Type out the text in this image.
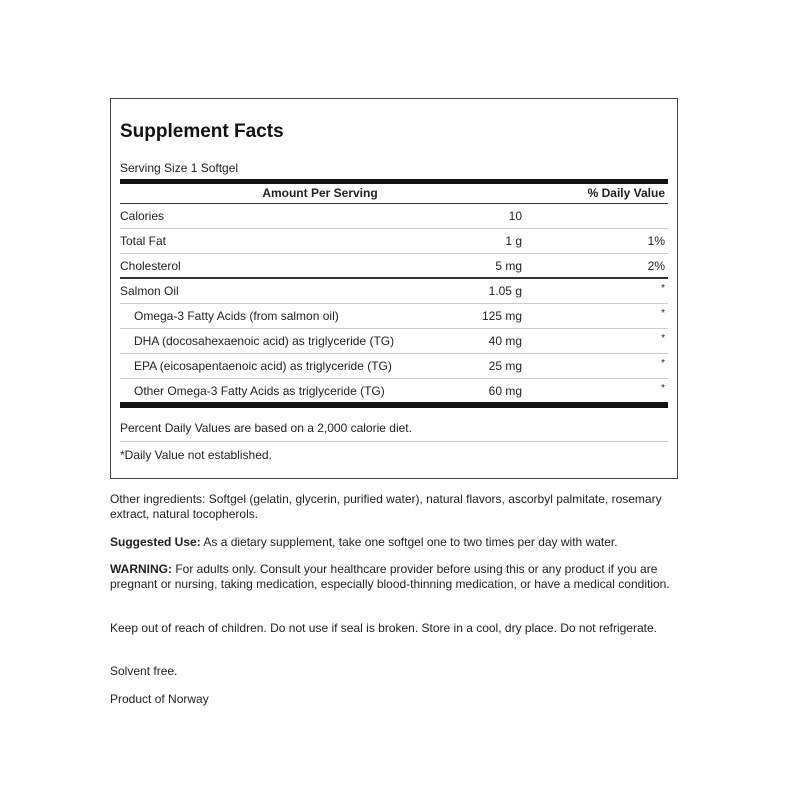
Supplement Facts
Serving Size 1 Softgel
Amount Per Serving	% Daily Value
Calories	10
Total Fat	1 g	1%
Cholesterol	5 mg	2%
Salmon Oil	1.05 g	*
Omega-3 Fatty Acids (from salmon oil)	125 mg	*
DHA (docosahexaenoic acid) as triglyceride (TG)	40 mg	*
EPA (eicosapentaenoic acid) as triglyceride (TG)	25 mg	*
Other Omega-3 Fatty Acids as triglyceride (TG)	60 mg	*
Percent Daily Values are based on a 2,000 calorie diet.
*Daily Value not established.

Other ingredients: Softgel (gelatin, glycerin, purified water), natural flavors, ascorbyl palmitate, rosemary extract, natural tocopherols.

Suggested Use: As a dietary supplement, take one softgel one to two times per day with water.

WARNING: For adults only. Consult your healthcare provider before using this or any product if you are pregnant or nursing, taking medication, especially blood-thinning medication, or have a medical condition.

Keep out of reach of children. Do not use if seal is broken. Store in a cool, dry place. Do not refrigerate.

Solvent free.

Product of Norway
